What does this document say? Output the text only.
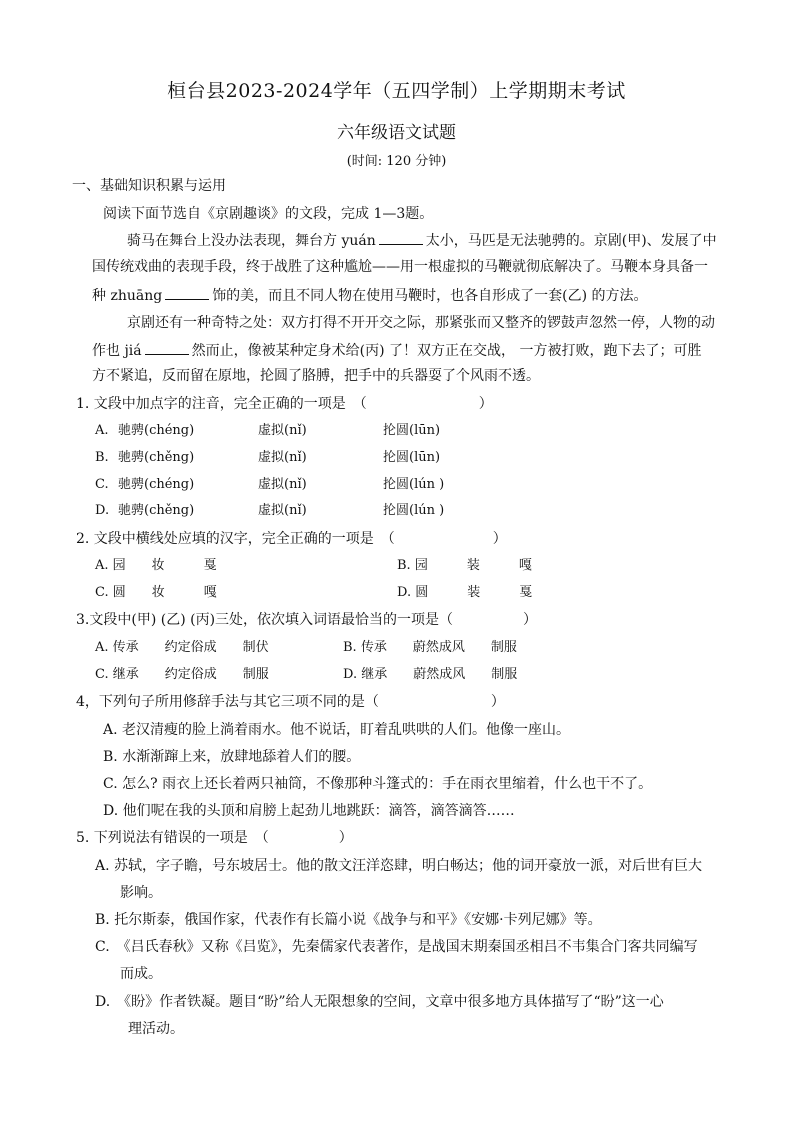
桓台县2023-2024学年（五四学制）上学期期末考试
六年级语文试题
(时间: 120 分钟)
一、基础知识积累与运用
阅读下面节选自《京剧趣谈》的文段，完成 1—3题。
骑马在舞台上没办法表现，舞台方 yuán	太小，马匹是无法驰骋的。京剧(甲)、发展了中
国传统戏曲的表现手段，终于战胜了这种尴尬——用一根虚拟的马鞭就彻底解决了。马鞭本身具备一
种 zhuāng	饰的美，而且不同人物在使用马鞭时，也各自形成了一套(乙) 的方法。
京剧还有一种奇特之处：双方打得不开开交之际，那紧张而又整齐的锣鼓声忽然一停，人物的动
作也 jiá	然而止，像被某种定身术给(丙) 了！双方正在交战， 一方被打败，跑下去了；可胜
方不紧追，反而留在原地，抡圆了胳膊，把手中的兵器耍了个风雨不透。
1. 文段中加点字的注音，完全正确的一项是　（　　　　　　　　）
A. 驰骋(chéng)	虚拟(nǐ)	抡圆(lūn)
B. 驰骋(chěng)	虚拟(nǐ)	抡圆(lūn)
C. 驰骋(chéng)	虚拟(nǐ)	抡圆(lún )
D. 驰骋(chěng)	虚拟(nǐ)	抡圆(lún )
2. 文段中横线处应填的汉字，完全正确的一项是　（　　　　　　　）
A. 园　　妆　　　戛	B. 园　　　装　　　嘎
C. 圆　　妆　　　嘎	D. 圆　　　装　　　戛
3.文段中(甲) (乙) (丙)三处，依次填入词语最恰当的一项是（　　　　　）
A. 传承　　约定俗成　　制伏	B. 传承　　蔚然成风　　制服
C. 继承　　约定俗成　　制服	D. 继承　　蔚然成风　　制服
4，下列句子所用修辞手法与其它三项不同的是（　　　　　　　　）
A. 老汉清瘦的脸上淌着雨水。他不说话，盯着乱哄哄的人们。他像一座山。
B. 水渐渐蹿上来，放肆地舔着人们的腰。
C. 怎么? 雨衣上还长着两只袖筒，不像那种斗篷式的：手在雨衣里缩着，什么也干不了。
D. 他们呢在我的头顶和肩膀上起劲儿地跳跃：滴答，滴答滴答……
5. 下列说法有错误的一项是　（　　　　　）
A. 苏轼，字子瞻，号东坡居士。他的散文汪洋恣肆，明白畅达；他的词开豪放一派，对后世有巨大
影响。
B. 托尔斯泰，俄国作家，代表作有长篇小说《战争与和平》《安娜·卡列尼娜》等。
C.　《吕氏春秋》又称《吕览》，先秦儒家代表著作，是战国末期秦国丞相吕不韦集合门客共同编写
而成。
D.　《盼》作者铁凝。题目“盼”给人无限想象的空间，文章中很多地方具体描写了“盼”这一心
理活动。
